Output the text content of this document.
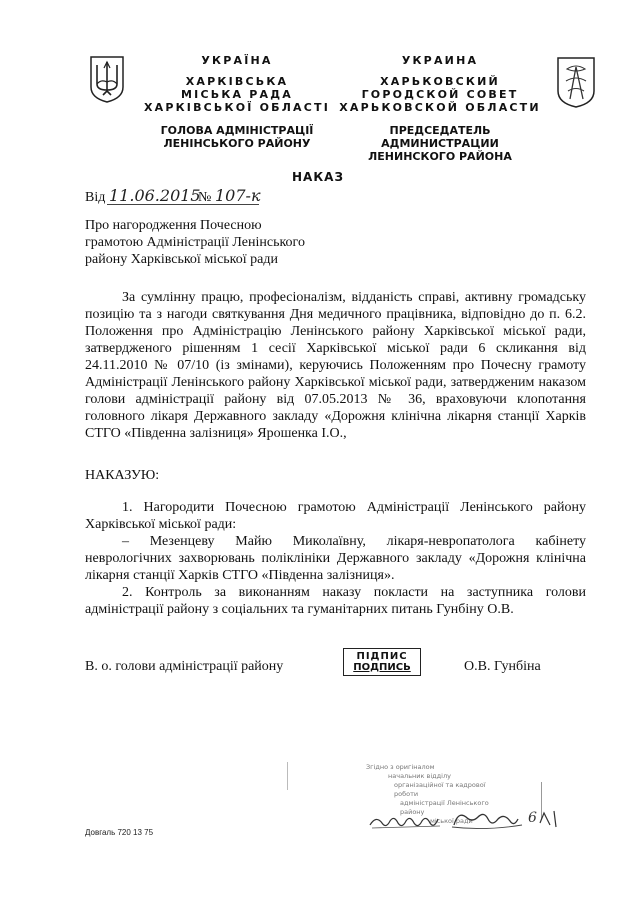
УКРАЇНА
ХАРКІВСЬКА
МІСЬКА РАДА
ХАРКІВСЬКОЇ ОБЛАСТІ
ГОЛОВА АДМІНІСТРАЦІЇ
ЛЕНІНСЬКОГО РАЙОНУ
УКРАИНА
ХАРЬКОВСКИЙ
ГОРОДСКОЙ СОВЕТ
ХАРЬКОВСКОЙ ОБЛАСТИ
ПРЕДСЕДАТЕЛЬ АДМИНИСТРАЦИИ
ЛЕНИНСКОГО РАЙОНА
НАКАЗ
Від 11.06.2015
№ 107-к
Про нагородження Почесною
грамотою Адміністрації Ленінського
району Харківської міської ради
За сумлінну працю, професіоналізм, відданість справі, активну громадську позицію та з нагоди святкування Дня медичного працівника, відповідно до п. 6.2. Положення про Адміністрацію Ленінського району Харківської міської ради, затвердженого рішенням 1 сесії Харківської міської ради 6 скликання від 24.11.2010 № 07/10 (із змінами), керуючись Положенням про Почесну грамоту Адміністрації Ленінського району Харківської міської ради, затвердженим наказом голови адміністрації району від 07.05.2013 № 36, враховуючи клопотання головного лікаря Державного закладу «Дорожня клінічна лікарня станції Харків СТГО «Південна залізниця» Ярошенка І.О.,
НАКАЗУЮ:
1. Нагородити Почесною грамотою Адміністрації Ленінського району Харківської міської ради:
– Мезенцеву Майю Миколаївну, лікаря-невропатолога кабінету неврологічних захворювань поліклініки Державного закладу «Дорожня клінічна лікарня станції Харків СТГО «Південна залізниця».
2. Контроль за виконанням наказу покласти на заступника голови адміністрації району з соціальних та гуманітарних питань Гунбіну О.В.
В. о. голови адміністрації району
ПІДПИС
ПОДПИСЬ	О.В. Гунбіна
Згідно з оригіналом
начальник відділу
організаційної та кадрової роботи
адміністрації Ленінського району
міської ради	6
Довгаль 720 13 75
